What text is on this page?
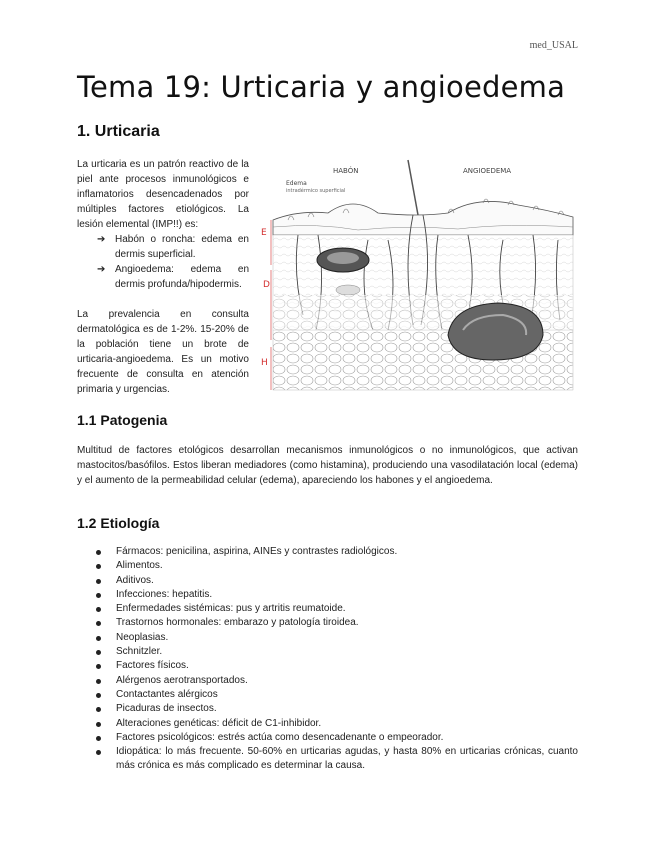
med_USAL
Tema 19: Urticaria y angioedema
1. Urticaria

La urticaria es un patrón reactivo de la piel ante procesos inmunológicos e inflamatorios desencadenados por múltiples factores etiológicos. La lesión elemental (IMP!!) es:

➔ Habón o roncha: edema en dermis superficial.
➔ Angioedema: edema en dermis profunda/hipodermis.

La prevalencia en consulta dermatológica es de 1-2%. 15-20% de la población tiene un brote de urticaria-angioedema. Es un motivo frecuente de consulta en atención primaria y urgencias.

HABÓN	ANGIOEDEMA
Edema
intradérmico superficial
E
D
H
1.1 Patogenia

Multitud de factores etológicos desarrollan mecanismos inmunológicos o no inmunológicos, que activan mastocitos/basófilos. Estos liberan mediadores (como histamina), produciendo una vasodilatación local (edema) y el aumento de la permeabilidad celular (edema), apareciendo los habones y el angioedema.

1.2 Etiología
Fármacos: penicilina, aspirina, AINEs y contrastes radiológicos.
Alimentos.
Aditivos.
Infecciones: hepatitis.
Enfermedades sistémicas: pus y artritis reumatoide.
Trastornos hormonales: embarazo y patología tiroidea.
Neoplasias.
Schnitzler.
Factores físicos.
Alérgenos aerotransportados.
Contactantes alérgicos
Picaduras de insectos.
Alteraciones genéticas: déficit de C1-inhibidor.
Factores psicológicos: estrés actúa como desencadenante o empeorador.
Idiopática: lo más frecuente. 50-60% en urticarias agudas, y hasta 80% en urticarias crónicas, cuanto más crónica es más complicado es determinar la causa.
